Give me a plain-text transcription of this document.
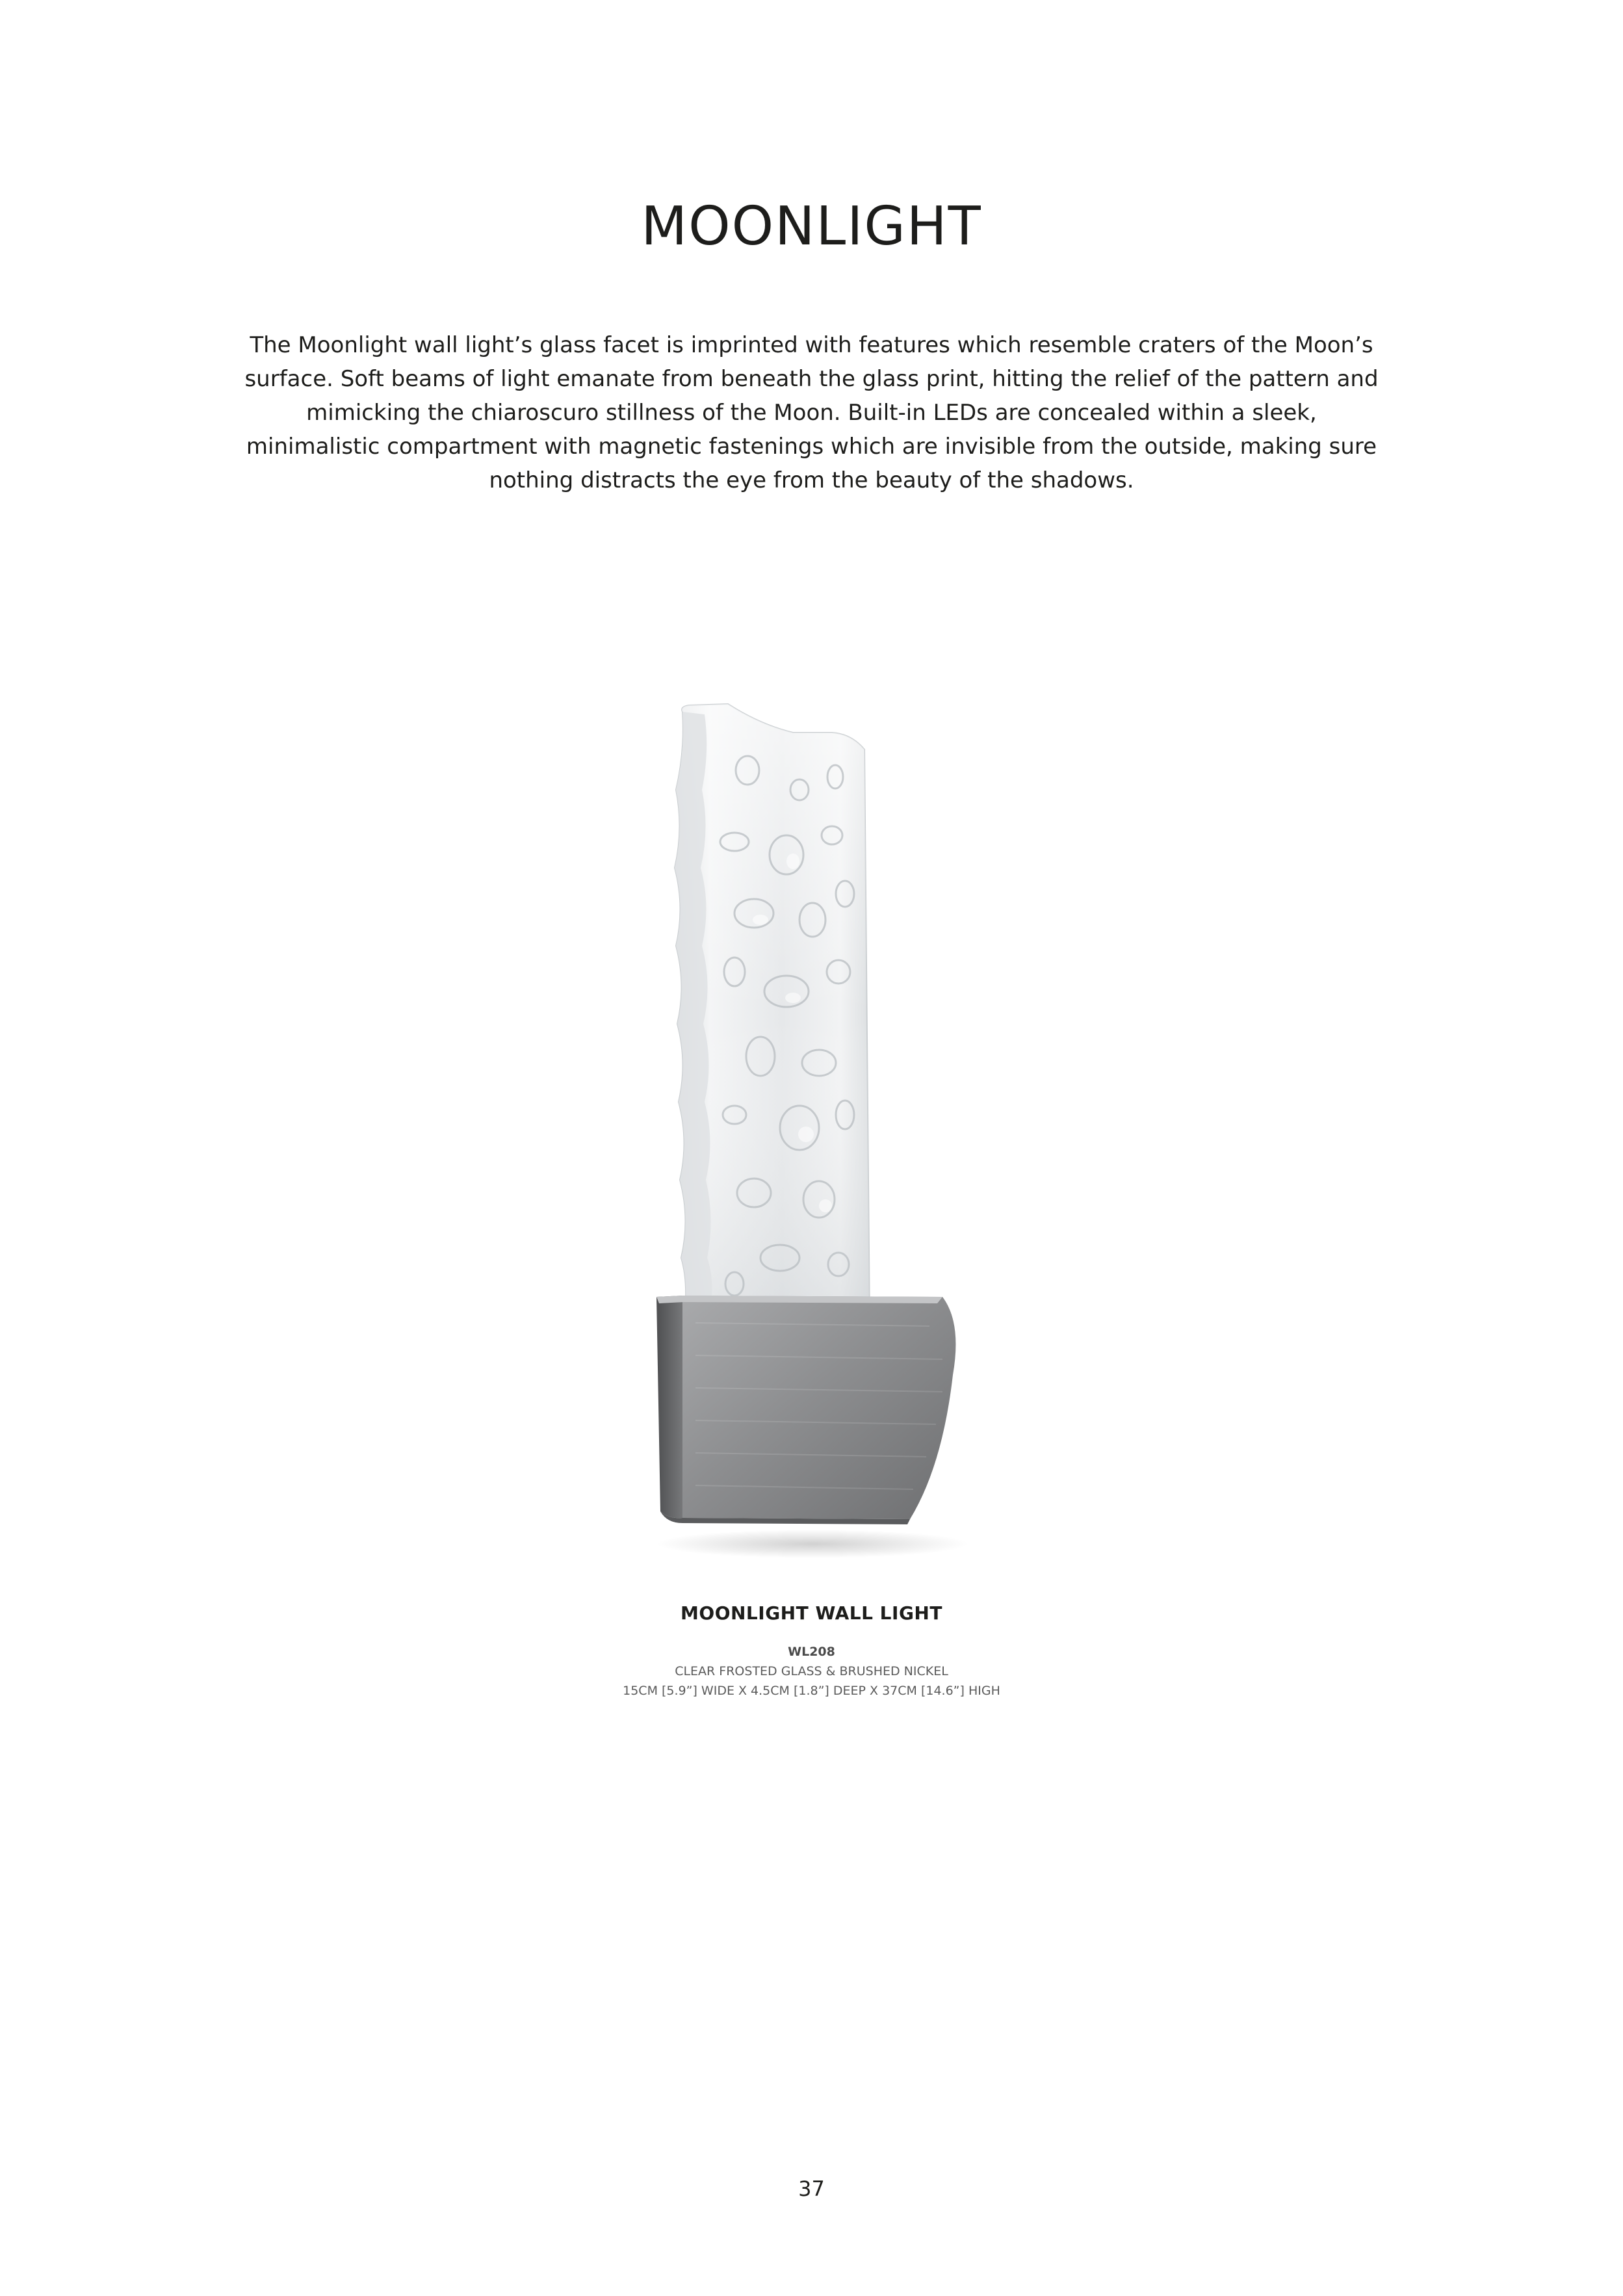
MOONLIGHT

The Moonlight wall light’s glass facet is imprinted with features which resemble craters of the Moon’s surface. Soft beams of light emanate from beneath the glass print, hitting the relief of the pattern and mimicking the chiaroscuro stillness of the Moon. Built-in LEDs are concealed within a sleek, minimalistic compartment with magnetic fastenings which are invisible from the outside, making sure nothing distracts the eye from the beauty of the shadows.

MOONLIGHT WALL LIGHT

WL208

CLEAR FROSTED GLASS & BRUSHED NICKEL

15CM [5.9”] WIDE X 4.5CM [1.8”] DEEP X 37CM [14.6”] HIGH

37
